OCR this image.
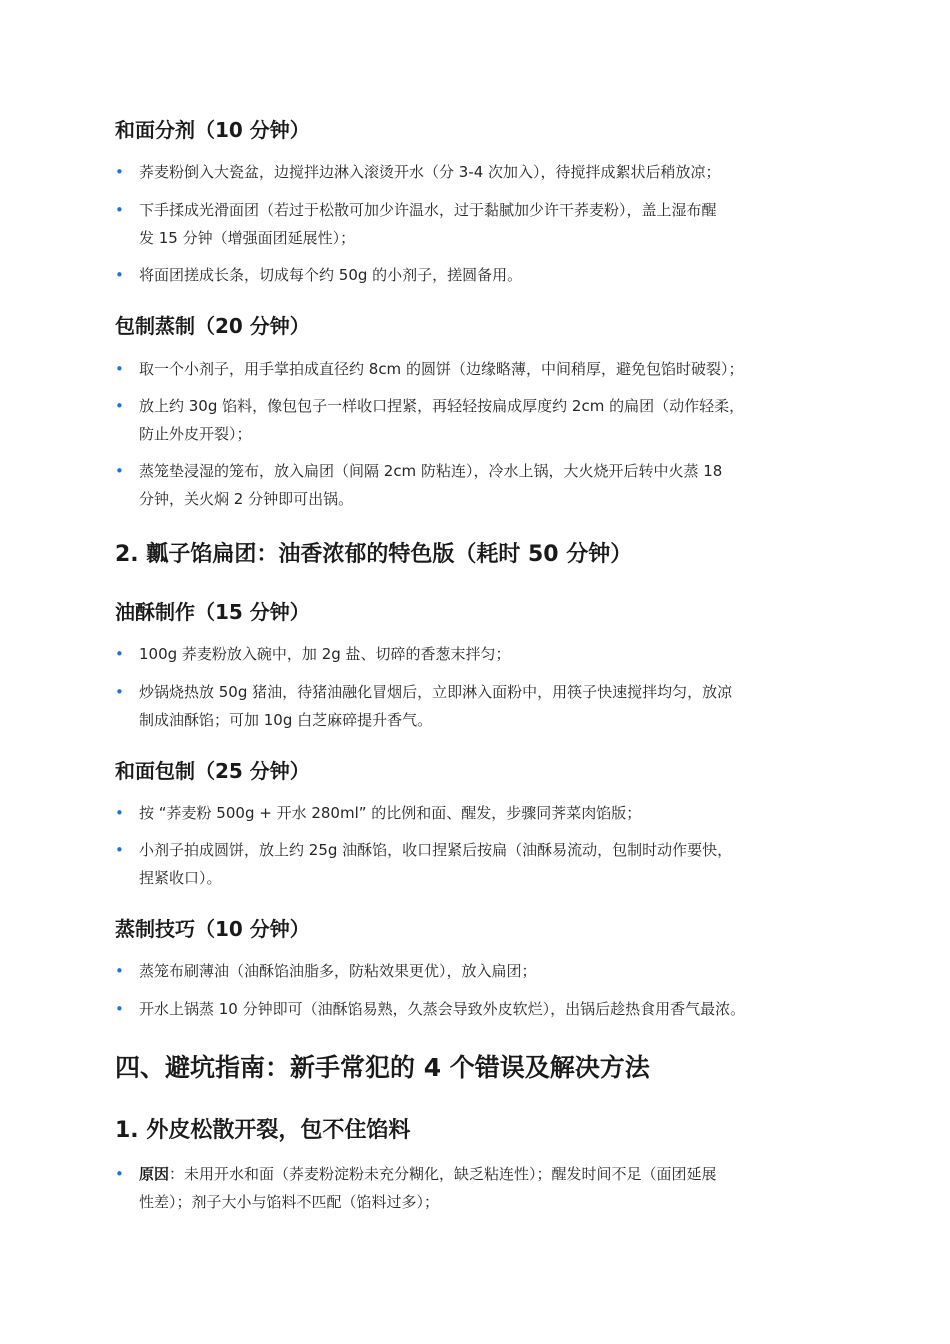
和面分剂（10 分钟）
•	荞麦粉倒入大瓷盆，边搅拌边淋入滚烫开水（分 3-4 次加入），待搅拌成絮状后稍放凉；
•	下手揉成光滑面团（若过于松散可加少许温水，过于黏腻加少许干荞麦粉），盖上湿布醒
发 15 分钟（增强面团延展性）；
•	将面团搓成长条，切成每个约 50g 的小剂子，搓圆备用。
包制蒸制（20 分钟）
•	取一个小剂子，用手掌拍成直径约 8cm 的圆饼（边缘略薄，中间稍厚，避免包馅时破裂）；
•	放上约 30g 馅料，像包包子一样收口捏紧，再轻轻按扁成厚度约 2cm 的扁团（动作轻柔，
防止外皮开裂）；
•	蒸笼垫浸湿的笼布，放入扁团（间隔 2cm 防粘连），冷水上锅，大火烧开后转中火蒸 18
分钟，关火焖 2 分钟即可出锅。
2. 瓤子馅扁团：油香浓郁的特色版（耗时 50 分钟）
油酥制作（15 分钟）
•	100g 荞麦粉放入碗中，加 2g 盐、切碎的香葱末拌匀；
•	炒锅烧热放 50g 猪油，待猪油融化冒烟后，立即淋入面粉中，用筷子快速搅拌均匀，放凉
制成油酥馅；可加 10g 白芝麻碎提升香气。
和面包制（25 分钟）
•	按 “荞麦粉 500g + 开水 280ml” 的比例和面、醒发，步骤同荠菜肉馅版；
•	小剂子拍成圆饼，放上约 25g 油酥馅，收口捏紧后按扁（油酥易流动，包制时动作要快，
捏紧收口）。
蒸制技巧（10 分钟）
•	蒸笼布刷薄油（油酥馅油脂多，防粘效果更优），放入扁团；
•	开水上锅蒸 10 分钟即可（油酥馅易熟，久蒸会导致外皮软烂），出锅后趁热食用香气最浓。
四、避坑指南：新手常犯的 4 个错误及解决方法
1. 外皮松散开裂，包不住馅料
•	原因：未用开水和面（荞麦粉淀粉未充分糊化，缺乏粘连性）；醒发时间不足（面团延展
性差）；剂子大小与馅料不匹配（馅料过多）；
